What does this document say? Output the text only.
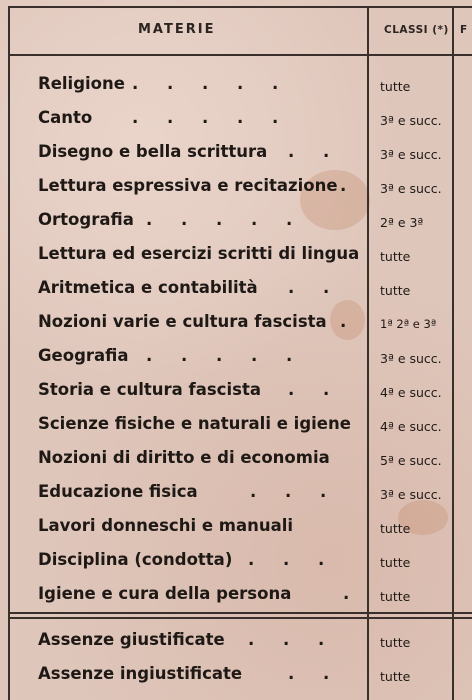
MATERIE	CLASSI (*) F
Religione .     .     .     .     .	tutte
Canto .     .     .     .     .	3ª e succ.
Disegno e bella scrittura .     .	3ª e succ.
Lettura espressiva e recitazione .	3ª e succ.
Ortografia .     .     .     .     .	2ª e 3ª
Lettura ed esercizi scritti di lingua tutte
Aritmetica e contabilità .     .	tutte
Nozioni varie e cultura fascista .	1ª 2ª e 3ª
Geografia .     .     .     .     .	3ª e succ.
Storia e cultura fascista .     .	4ª e succ.
Scienze fisiche e naturali e igiene 4ª e succ.
Nozioni di diritto e di economia	5ª e succ.
Educazione fisica	.     .     .	3ª e succ.
Lavori donneschi e manuali	tutte
Disciplina (condotta) .     .     .	tutte
Igiene e cura della persona	. tutte
Assenze giustificate .     .     .	tutte
Assenze ingiustificate	.     .	tutte
